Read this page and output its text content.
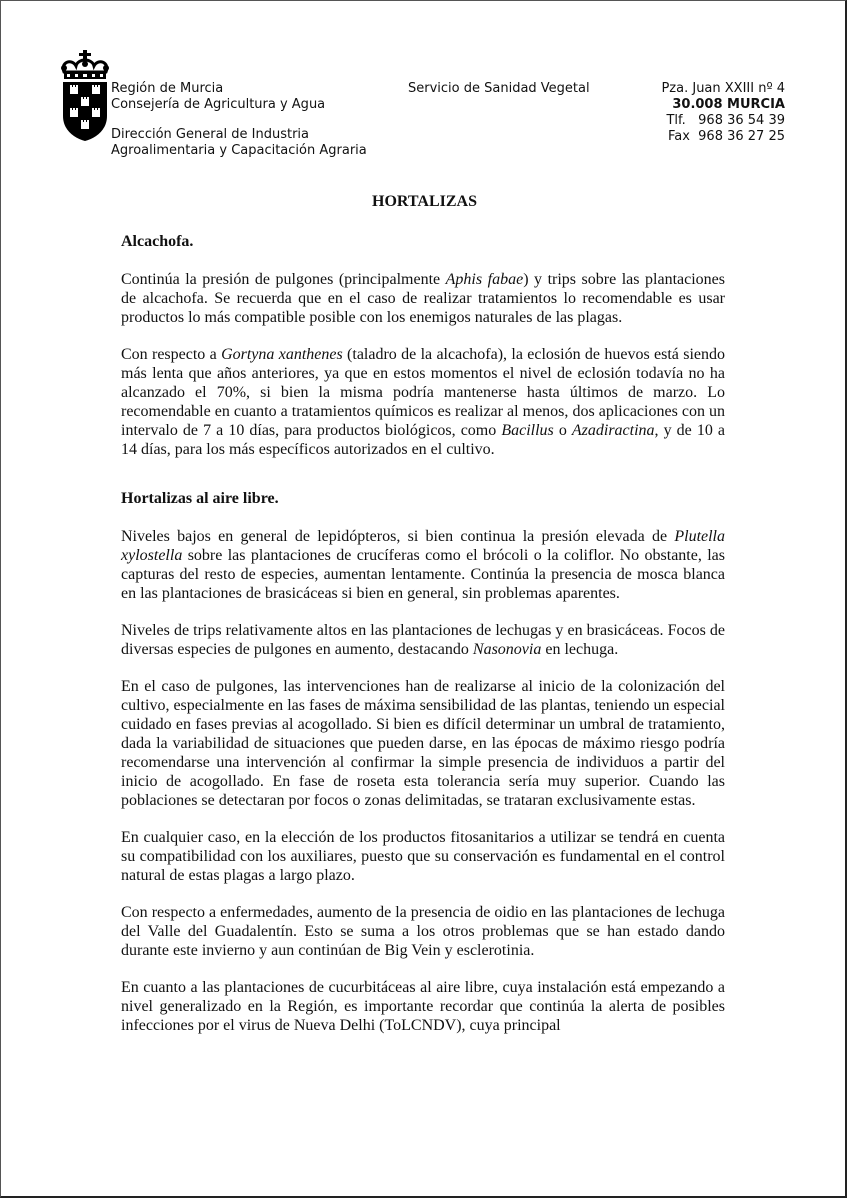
Región de Murcia
Consejería de Agricultura y Agua
Dirección General de Industria
Agroalimentaria y Capacitación Agraria
Servicio de Sanidad Vegetal	Pza. Juan XXIII nº 4
30.008 MURCIA
Tlf.   968 36 54 39
Fax  968 36 27 25
HORTALIZAS
Alcachofa.

Continúa la presión de pulgones (principalmente Aphis fabae) y trips sobre las plantaciones de alcachofa. Se recuerda que en el caso de realizar tratamientos lo recomendable es usar productos lo más compatible posible con los enemigos naturales de las plagas.

Con respecto a Gortyna xanthenes (taladro de la alcachofa), la eclosión de huevos está siendo más lenta que años anteriores, ya que en estos momentos el nivel de eclosión todavía no ha alcanzado el 70%, si bien la misma podría mantenerse hasta últimos de marzo. Lo recomendable en cuanto a tratamientos químicos es realizar al menos, dos aplicaciones con un intervalo de 7 a 10 días, para productos biológicos, como Bacillus o Azadiractina, y de 10 a 14 días, para los más específicos autorizados en el cultivo.

Hortalizas al aire libre.

Niveles bajos en general de lepidópteros, si bien continua la presión elevada de Plutella xylostella sobre las plantaciones de crucíferas como el brócoli o la coliflor. No obstante, las capturas del resto de especies, aumentan lentamente. Continúa la presencia de mosca blanca en las plantaciones de brasicáceas si bien en general, sin problemas aparentes.

Niveles de trips relativamente altos en las plantaciones de lechugas y en brasicáceas. Focos de diversas especies de pulgones en aumento, destacando Nasonovia en lechuga.

En el caso de pulgones, las intervenciones han de realizarse al inicio de la colonización del cultivo, especialmente en las fases de máxima sensibilidad de las plantas, teniendo un especial cuidado en fases previas al acogollado. Si bien es difícil determinar un umbral de tratamiento, dada la variabilidad de situaciones que pueden darse, en las épocas de máximo riesgo podría recomendarse una intervención al confirmar la simple presencia de individuos a partir del inicio de acogollado. En fase de roseta esta tolerancia sería muy superior. Cuando las poblaciones se detectaran por focos o zonas delimitadas, se trataran exclusivamente estas.

En cualquier caso, en la elección de los productos fitosanitarios a utilizar se tendrá en cuenta su compatibilidad con los auxiliares, puesto que su conservación es fundamental en el control natural de estas plagas a largo plazo.

Con respecto a enfermedades, aumento de la presencia de oidio en las plantaciones de lechuga del Valle del Guadalentín. Esto se suma a los otros problemas que se han estado dando durante este invierno y aun continúan de Big Vein y esclerotinia.

En cuanto a las plantaciones de cucurbitáceas al aire libre, cuya instalación está empezando a nivel generalizado en la Región, es importante recordar que continúa la alerta de posibles infecciones por el virus de Nueva Delhi (ToLCNDV), cuya principal
